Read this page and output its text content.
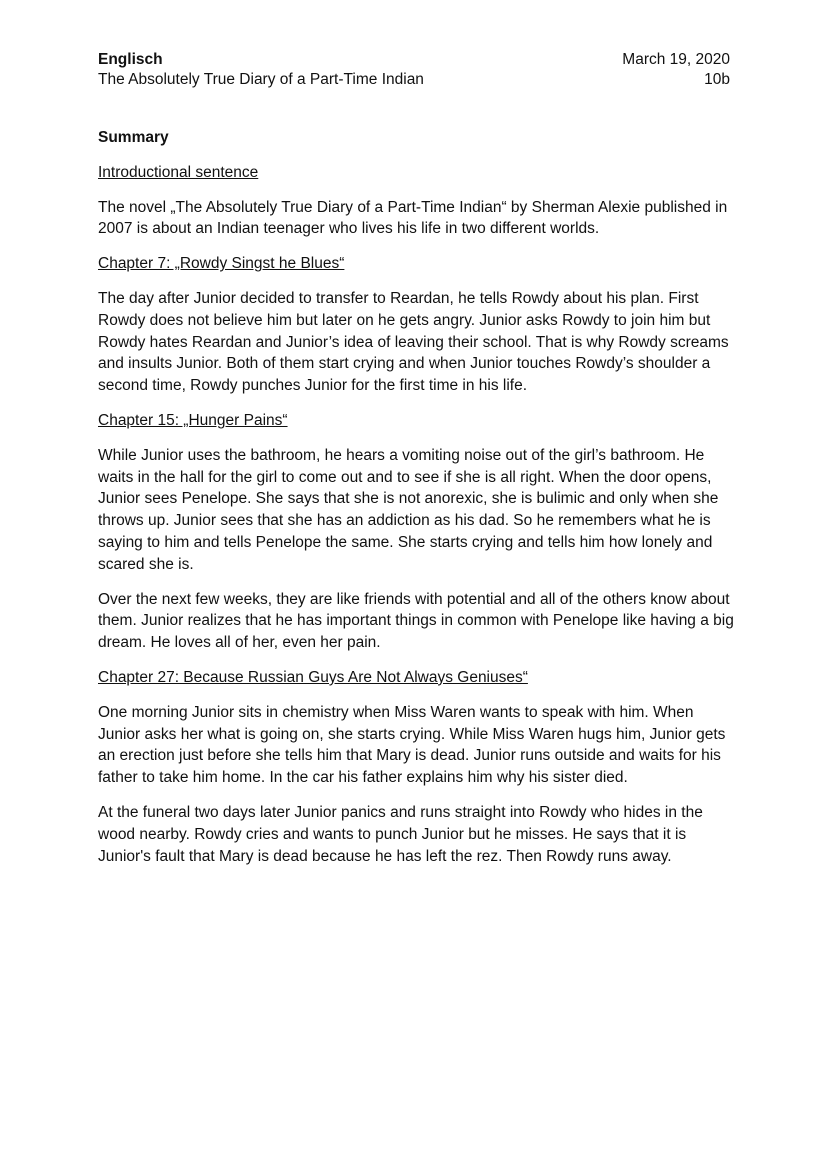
Englisch
The Absolutely True Diary of a Part-Time Indian
March 19, 2020
10b
Summary
Introductional sentence

The novel „The Absolutely True Diary of a Part-Time Indian“ by Sherman Alexie published in 2007 is about an Indian teenager who lives his life in two different worlds.

Chapter 7: „Rowdy Singst he Blues“

The day after Junior decided to transfer to Reardan, he tells Rowdy about his plan. First Rowdy does not believe him but later on he gets angry. Junior asks Rowdy to join him but Rowdy hates Reardan and Junior’s idea of leaving their school. That is why Rowdy screams and insults Junior. Both of them start crying and when Junior touches Rowdy’s shoulder a second time, Rowdy punches Junior for the first time in his life.

Chapter 15: „Hunger Pains“

While Junior uses the bathroom, he hears a vomiting noise out of the girl’s bathroom. He waits in the hall for the girl to come out and to see if she is all right. When the door opens, Junior sees Penelope. She says that she is not anorexic, she is bulimic and only when she throws up. Junior sees that she has an addiction as his dad. So he remembers what he is saying to him and tells Penelope the same. She starts crying and tells him how lonely and scared she is.

Over the next few weeks, they are like friends with potential and all of the others know about them. Junior realizes that he has important things in common with Penelope like having a big dream. He loves all of her, even her pain.

Chapter 27: Because Russian Guys Are Not Always Geniuses“

One morning Junior sits in chemistry when Miss Waren wants to speak with him. When Junior asks her what is going on, she starts crying. While Miss Waren hugs him, Junior gets an erection just before she tells him that Mary is dead. Junior runs outside and waits for his father to take him home. In the car his father explains him why his sister died.

At the funeral two days later Junior panics and runs straight into Rowdy who hides in the wood nearby. Rowdy cries and wants to punch Junior but he misses. He says that it is Junior's fault that Mary is dead because he has left the rez. Then Rowdy runs away.
